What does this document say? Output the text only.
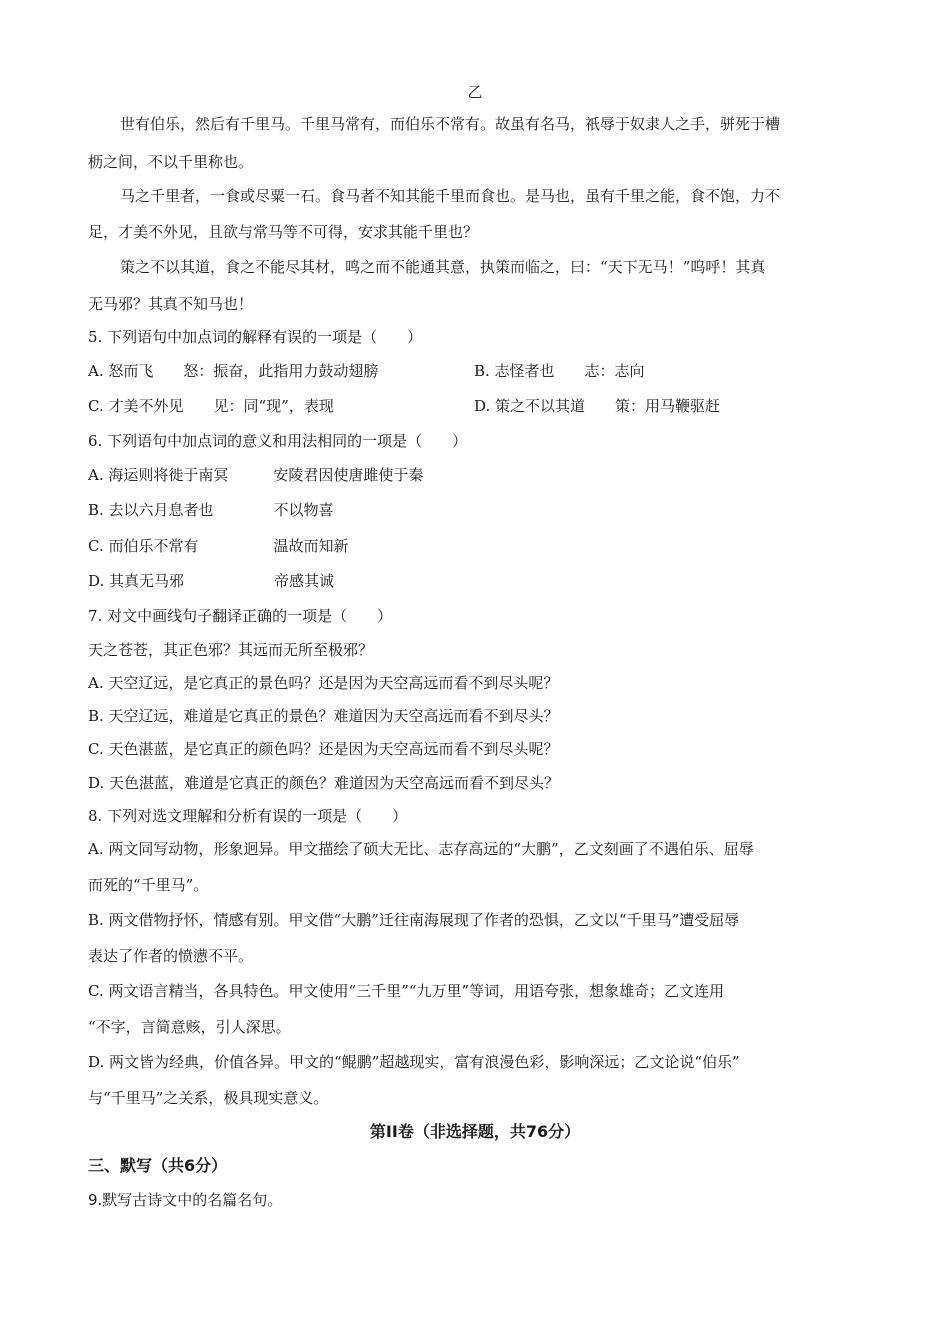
乙
世有伯乐，然后有千里马。千里马常有，而伯乐不常有。故虽有名马，祇辱于奴隶人之手，骈死于槽
枥之间，不以千里称也。
马之千里者，一食或尽粟一石。食马者不知其能千里而食也。是马也，虽有千里之能，食不饱，力不
足，才美不外见，且欲与常马等不可得，安求其能千里也？
策之不以其道，食之不能尽其材，鸣之而不能通其意，执策而临之，曰：“天下无马！”呜呼！其真
无马邪？其真不知马也！
5. 下列语句中加点词的解释有误的一项是（　　）
A. 怒而飞　　怒：振奋，此指用力鼓动翅膀	B. 志怪者也　　志：志向
C. 才美不外见　　见：同“现”，表现	D. 策之不以其道　　策：用马鞭驱赶
6. 下列语句中加点词的意义和用法相同的一项是（　　）
A. 海运则将徙于南冥　　　安陵君因使唐雎使于秦
B. 去以六月息者也　　　　不以物喜
C. 而伯乐不常有　　　　　温故而知新
D. 其真无马邪　　　　　　帝感其诚
7. 对文中画线句子翻译正确的一项是（　　）
天之苍苍，其正色邪？其远而无所至极邪？
A. 天空辽远，是它真正的景色吗？还是因为天空高远而看不到尽头呢？
B. 天空辽远，难道是它真正的景色？难道因为天空高远而看不到尽头？
C. 天色湛蓝，是它真正的颜色吗？还是因为天空高远而看不到尽头呢？
D. 天色湛蓝，难道是它真正的颜色？难道因为天空高远而看不到尽头？
8. 下列对选文理解和分析有误的一项是（　　）
A. 两文同写动物，形象迥异。甲文描绘了硕大无比、志存高远的“大鹏”，乙文刻画了不遇伯乐、屈辱
而死的“千里马”。
B. 两文借物抒怀，情感有别。甲文借“大鹏”迁往南海展现了作者的恐惧，乙文以“千里马”遭受屈辱
表达了作者的愤懑不平。
C. 两文语言精当，各具特色。甲文使用“三千里”“九万里”等词，用语夸张，想象雄奇；乙文连用
“不字，言简意赅，引人深思。
D. 两文皆为经典，价值各异。甲文的“鲲鹏”超越现实，富有浪漫色彩，影响深远；乙文论说“伯乐”
与“千里马”之关系，极具现实意义。
第II卷（非选择题，共76分）
三、默写（共6分）
9.默写古诗文中的名篇名句。
